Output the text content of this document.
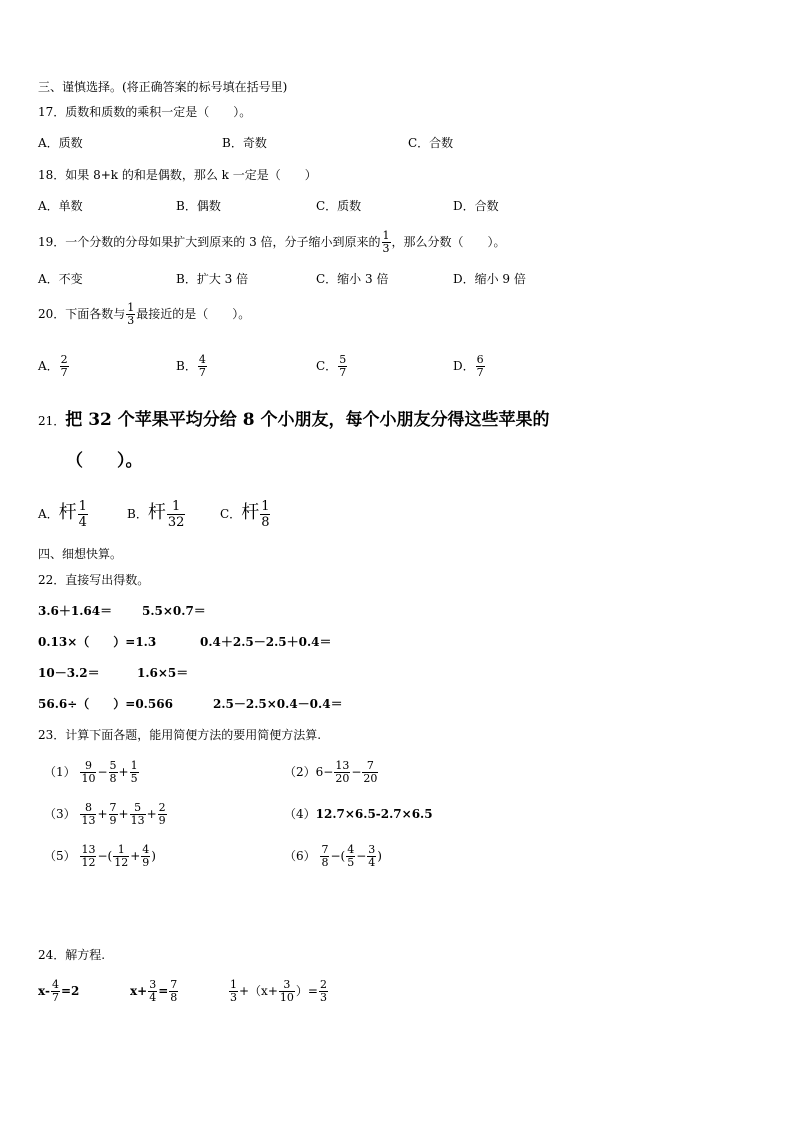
三、谨慎选择。(将正确答案的标号填在括号里)
17．质数和质数的乘积一定是（　　）。
A．质数	B．奇数	C．合数
18．如果 8+k 的和是偶数，那么 k 一定是（　　）
A．单数	B．偶数	C．质数	D．合数
19．一个分数的分母如果扩大到原来的 3 倍，分子缩小到原来的 $\frac{1}{3}$ ，那么分数（　　）。
A．不变	B．扩大 3 倍	C．缩小 3 倍	D．缩小 9 倍
20．下面各数与 $\frac{1}{3}$ 最接近的是（　　）。
A． $\frac{2}{7}$	B． $\frac{4}{7}$	C． $\frac{5}{7}$	D． $\frac{6}{7}$
21．把 32 个苹果平均分给 8 个小朋友，每个小朋友分得这些苹果的
（　　）。
A．杆 $\frac{1}{4}$	B．杆 $\frac{1}{32}$	C．杆 $\frac{1}{8}$
四、细想快算。
22．直接写出得数。
3.6＋1.64＝ 5.5×0.7＝
0.13×（　　）=1.3	0.4＋2.5－2.5＋0.4＝
10－3.2＝	1.6×5＝
56.6÷（　　）=0.566	2.5－2.5×0.4－0.4＝
23．计算下面各题，能用简便方法的要用简便方法算.
$(1) \frac{9}{10} - \frac{5}{8} + \frac{1}{5}$	$(2)6- \frac{13}{20} - \frac{7}{20}$
$(3) \frac{8}{13} + \frac{7}{9} + \frac{5}{13} + \frac{2}{9}$	（4）12.7×6.5-2.7×6.5
$(5) \frac{13}{12}$ −( $\frac{1}{12} + \frac{4}{9}$ )	$(6) \frac{7}{8}$ −( $\frac{4}{5} - \frac{3}{4}$ )
24．解方程.
$x- \frac{4}{7} =2$	$x+ \frac{3}{4} = \frac{7}{8}$	$\frac{1}{3} +(x+ \frac{3}{10}$ ）= $\frac{2}{3}$
